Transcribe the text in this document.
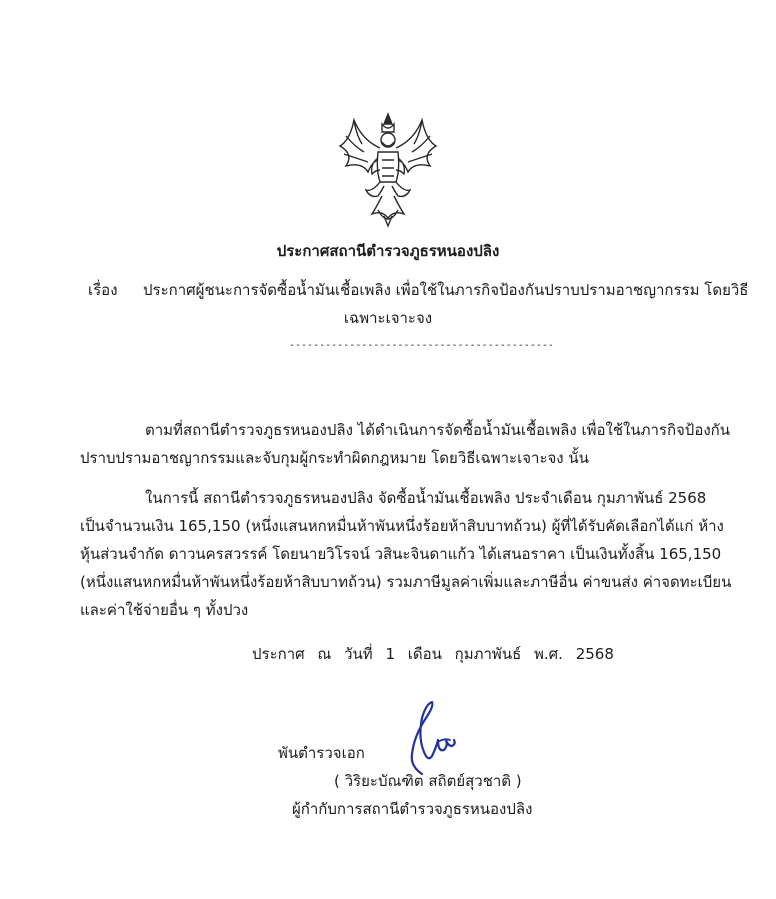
ประกาศสถานีตำรวจภูธรหนองปลิง
เรื่อง ประกาศผู้ชนะการจัดซื้อน้ำมันเชื้อเพลิง เพื่อใช้ในภารกิจป้องกันปราบปรามอาชญากรรม โดยวิธี
เฉพาะเจาะจง
--------------------------------------------
ตามที่สถานีตำรวจภูธรหนองปลิง ได้ดำเนินการจัดซื้อน้ำมันเชื้อเพลิง เพื่อใช้ในภารกิจป้องกัน
ปราบปรามอาชญากรรมและจับกุมผู้กระทำผิดกฎหมาย โดยวิธีเฉพาะเจาะจง นั้น
ในการนี้ สถานีตำรวจภูธรหนองปลิง จัดซื้อน้ำมันเชื้อเพลิง ประจำเดือน กุมภาพันธ์ 2568
เป็นจำนวนเงิน 165,150 (หนึ่งแสนหกหมื่นห้าพันหนึ่งร้อยห้าสิบบาทถ้วน) ผู้ที่ได้รับคัดเลือกได้แก่ ห้าง
หุ้นส่วนจำกัด ดาวนครสวรรค์ โดยนายวิโรจน์ วสินะจินดาแก้ว ได้เสนอราคา เป็นเงินทั้งสิ้น 165,150
(หนึ่งแสนหกหมื่นห้าพันหนึ่งร้อยห้าสิบบาทถ้วน) รวมภาษีมูลค่าเพิ่มและภาษีอื่น ค่าขนส่ง ค่าจดทะเบียน
และค่าใช้จ่ายอื่น ๆ ทั้งปวง
ประกาศ ณ วันที่ 1 เดือน กุมภาพันธ์ พ.ศ. 2568
พันตำรวจเอก
( วิริยะบัณฑิต สถิตย์สุวชาติ )
ผู้กำกับการสถานีตำรวจภูธรหนองปลิง
